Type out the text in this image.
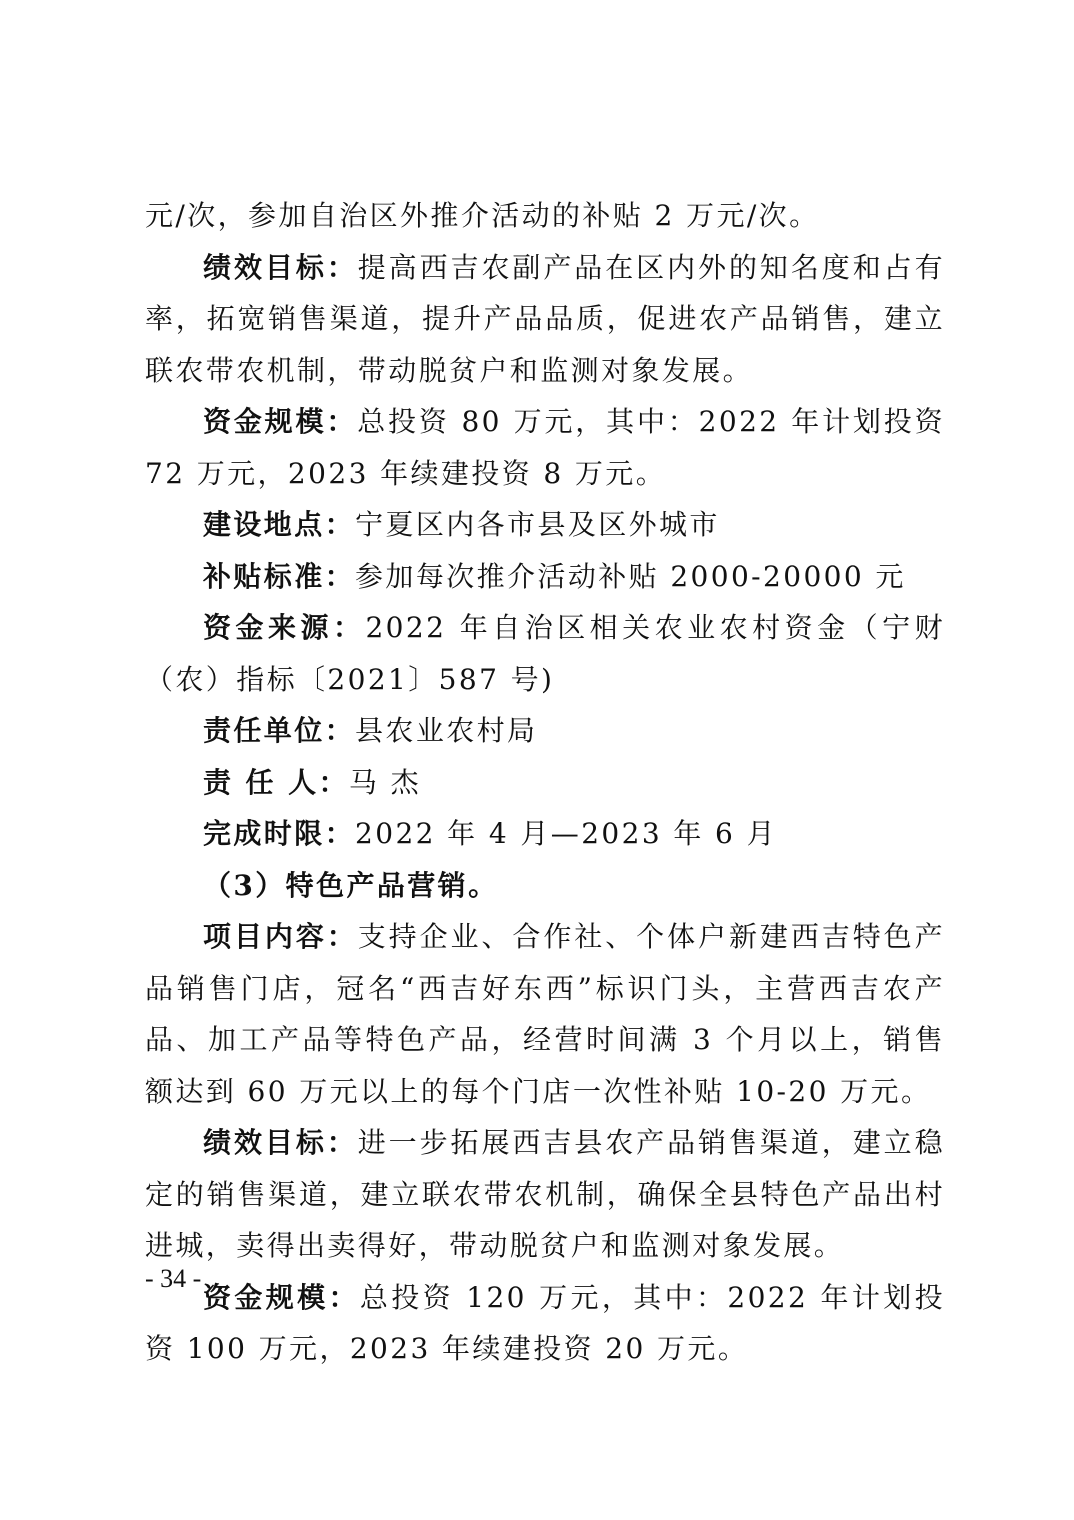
元/次，参加自治区外推介活动的补贴 2 万元/次。

绩效目标：提高西吉农副产品在区内外的知名度和占有率，拓宽销售渠道，提升产品品质，促进农产品销售，建立联农带农机制，带动脱贫户和监测对象发展。

资金规模：总投资 80 万元，其中：2022 年计划投资 72 万元，2023 年续建投资 8 万元。

建设地点：宁夏区内各市县及区外城市

补贴标准：参加每次推介活动补贴 2000-20000 元

资金来源：2022 年自治区相关农业农村资金（宁财（农）指标〔2021〕587 号)

责任单位：县农业农村局

责 任 人：马 杰

完成时限：2022 年 4 月—2023 年 6 月

（3）特色产品营销。

项目内容：支持企业、合作社、个体户新建西吉特色产品销售门店，冠名“西吉好东西”标识门头，主营西吉农产品、加工产品等特色产品，经营时间满 3 个月以上，销售额达到 60 万元以上的每个门店一次性补贴 10-20 万元。

绩效目标：进一步拓展西吉县农产品销售渠道，建立稳定的销售渠道，建立联农带农机制，确保全县特色产品出村进城，卖得出卖得好，带动脱贫户和监测对象发展。

资金规模：总投资 120 万元，其中：2022 年计划投资 100 万元，2023 年续建投资 20 万元。

- 34 -
